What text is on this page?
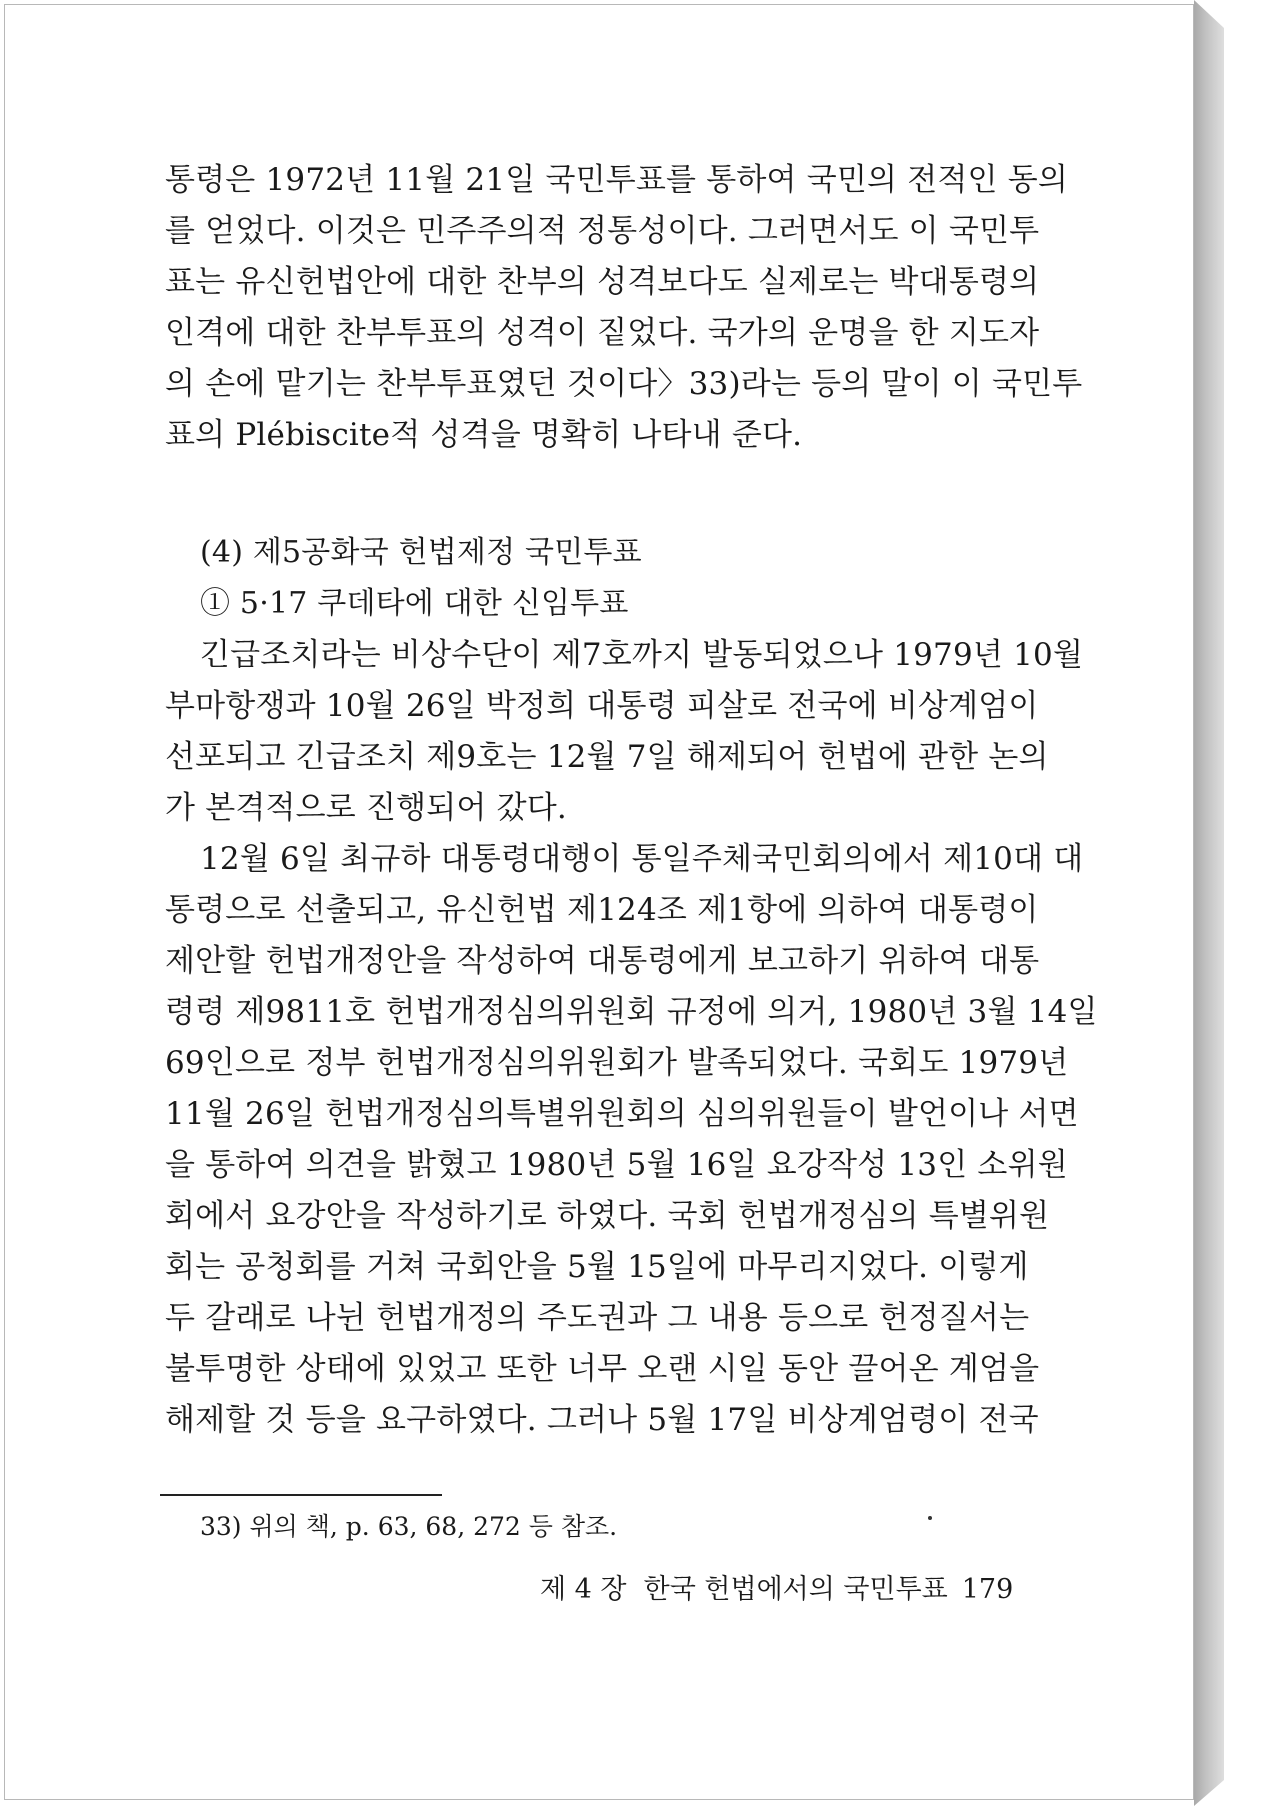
통령은 1972년 11월 21일 국민투표를 통하여 국민의 전적인 동의
를 얻었다. 이것은 민주주의적 정통성이다. 그러면서도 이 국민투
표는 유신헌법안에 대한 찬부의 성격보다도 실제로는 박대통령의
인격에 대한 찬부투표의 성격이 짙었다. 국가의 운명을 한 지도자
의 손에 맡기는 찬부투표였던 것이다〉33)라는 등의 말이 이 국민투
표의 Plébiscite적 성격을 명확히 나타내 준다.
(4) 제5공화국 헌법제정 국민투표
① 5·17 쿠데타에 대한 신임투표
긴급조치라는 비상수단이 제7호까지 발동되었으나 1979년 10월
부마항쟁과 10월 26일 박정희 대통령 피살로 전국에 비상계엄이
선포되고 긴급조치 제9호는 12월 7일 해제되어 헌법에 관한 논의
가 본격적으로 진행되어 갔다.
12월 6일 최규하 대통령대행이 통일주체국민회의에서 제10대 대
통령으로 선출되고, 유신헌법 제124조 제1항에 의하여 대통령이
제안할 헌법개정안을 작성하여 대통령에게 보고하기 위하여 대통
령령 제9811호 헌법개정심의위원회 규정에 의거, 1980년 3월 14일
69인으로 정부 헌법개정심의위원회가 발족되었다. 국회도 1979년
11월 26일 헌법개정심의특별위원회의 심의위원들이 발언이나 서면
을 통하여 의견을 밝혔고 1980년 5월 16일 요강작성 13인 소위원
회에서 요강안을 작성하기로 하였다. 국회 헌법개정심의 특별위원
회는 공청회를 거쳐 국회안을 5월 15일에 마무리지었다. 이렇게
두 갈래로 나뉜 헌법개정의 주도권과 그 내용 등으로 헌정질서는
불투명한 상태에 있었고 또한 너무 오랜 시일 동안 끌어온 계엄을
해제할 것 등을 요구하였다. 그러나 5월 17일 비상계엄령이 전국
33) 위의 책, p. 63, 68, 272 등 참조.
제 4 장  한국 헌법에서의 국민투표 179
